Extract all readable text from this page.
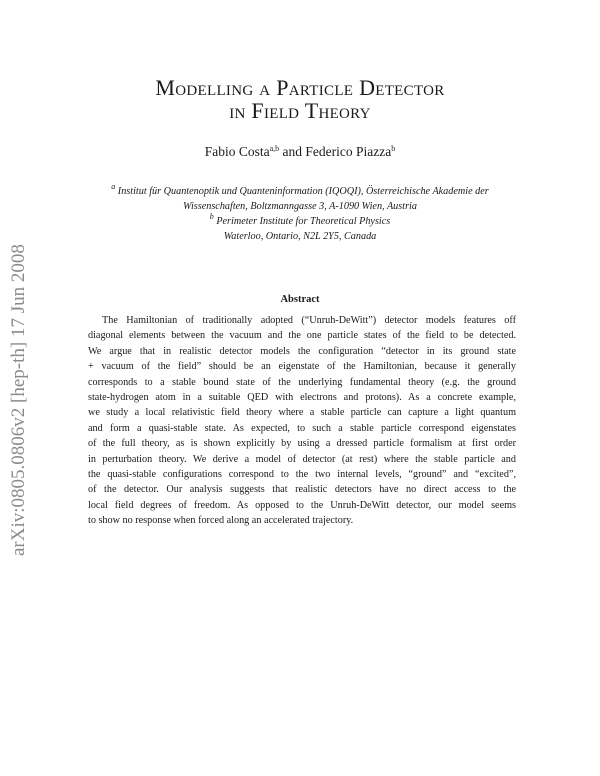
arXiv:0805.0806v2 [hep-th] 17 Jun 2008
Modelling a Particle Detector
in Field Theory
Fabio Costa$^{a,b}$ and Federico Piazza$^b$
$^a$ Institut für Quantenoptik und Quanteninformation (IQOQI), Österreichische Akademie der
Wissenschaften, Boltzmanngasse 3, A-1090 Wien, Austria
$^b$ Perimeter Institute for Theoretical Physics
Waterloo, Ontario, N2L 2Y5, Canada
Abstract
The Hamiltonian of traditionally adopted (“Unruh-DeWitt”) detector models features off
diagonal elements between the vacuum and the one particle states of the field to be detected.
We argue that in realistic detector models the configuration “detector in its ground state
+ vacuum of the field” should be an eigenstate of the Hamiltonian, because it generally
corresponds to a stable bound state of the underlying fundamental theory (e.g. the ground
state-hydrogen atom in a suitable QED with electrons and protons). As a concrete example,
we study a local relativistic field theory where a stable particle can capture a light quantum
and form a quasi-stable state. As expected, to such a stable particle correspond eigenstates
of the full theory, as is shown explicitly by using a dressed particle formalism at first order
in perturbation theory. We derive a model of detector (at rest) where the stable particle and
the quasi-stable configurations correspond to the two internal levels, “ground” and “excited”,
of the detector. Our analysis suggests that realistic detectors have no direct access to the
local field degrees of freedom. As opposed to the Unruh-DeWitt detector, our model seems
to show no response when forced along an accelerated trajectory.
